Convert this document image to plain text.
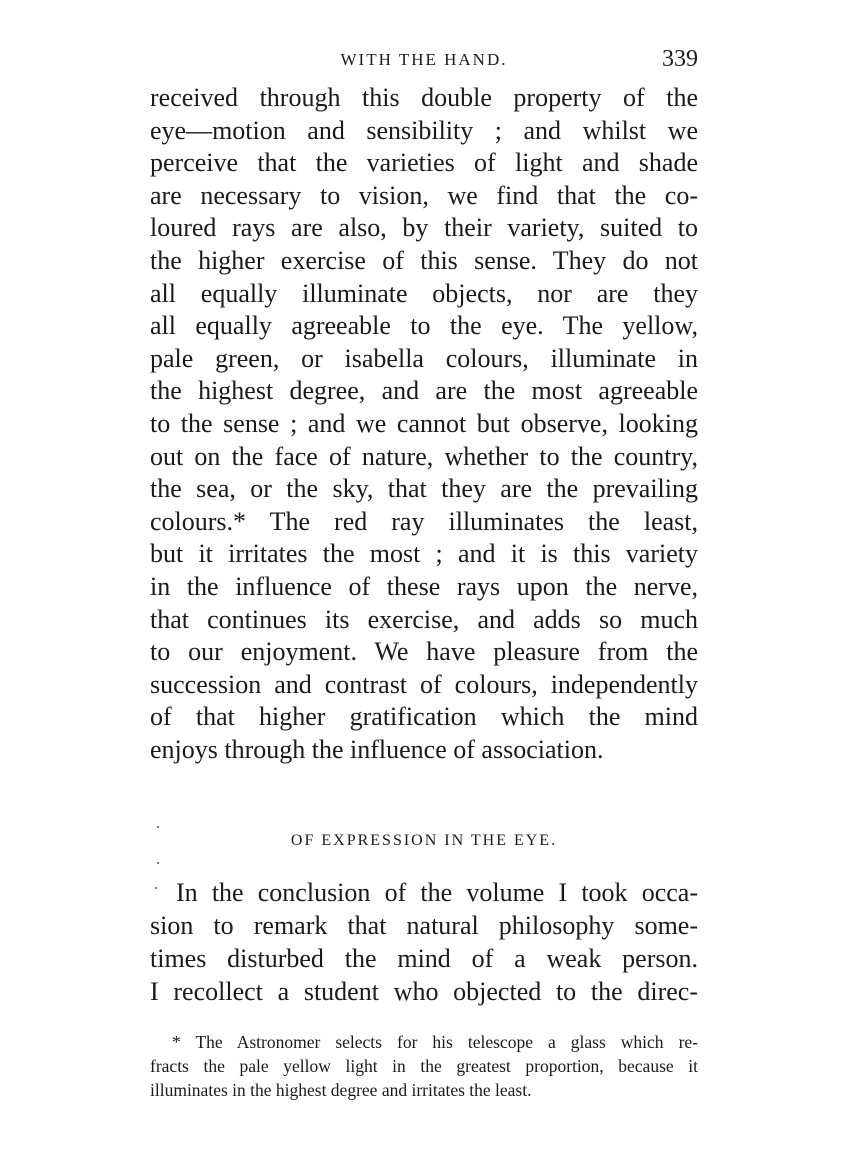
WITH THE HAND.	339
received through this double property of the
eye—motion and sensibility ; and whilst we
perceive that the varieties of light and shade
are necessary to vision, we find that the co-
loured rays are also, by their variety, suited to
the higher exercise of this sense. They do not
all equally illuminate objects, nor are they
all equally agreeable to the eye. The yellow,
pale green, or isabella colours, illuminate in
the highest degree, and are the most agreeable
to the sense ; and we cannot but observe, looking
out on the face of nature, whether to the country,
the sea, or the sky, that they are the prevailing
colours.* The red ray illuminates the least,
but it irritates the most ; and it is this variety
in the influence of these rays upon the nerve,
that continues its exercise, and adds so much
to our enjoyment. We have pleasure from the
succession and contrast of colours, independently
of that higher gratification which the mind
enjoys through the influence of association.
OF EXPRESSION IN THE EYE.
In the conclusion of the volume I took occa-
sion to remark that natural philosophy some-
times disturbed the mind of a weak person.
I recollect a student who objected to the direc-
* The Astronomer selects for his telescope a glass which re-
fracts the pale yellow light in the greatest proportion, because it
illuminates in the highest degree and irritates the least.
